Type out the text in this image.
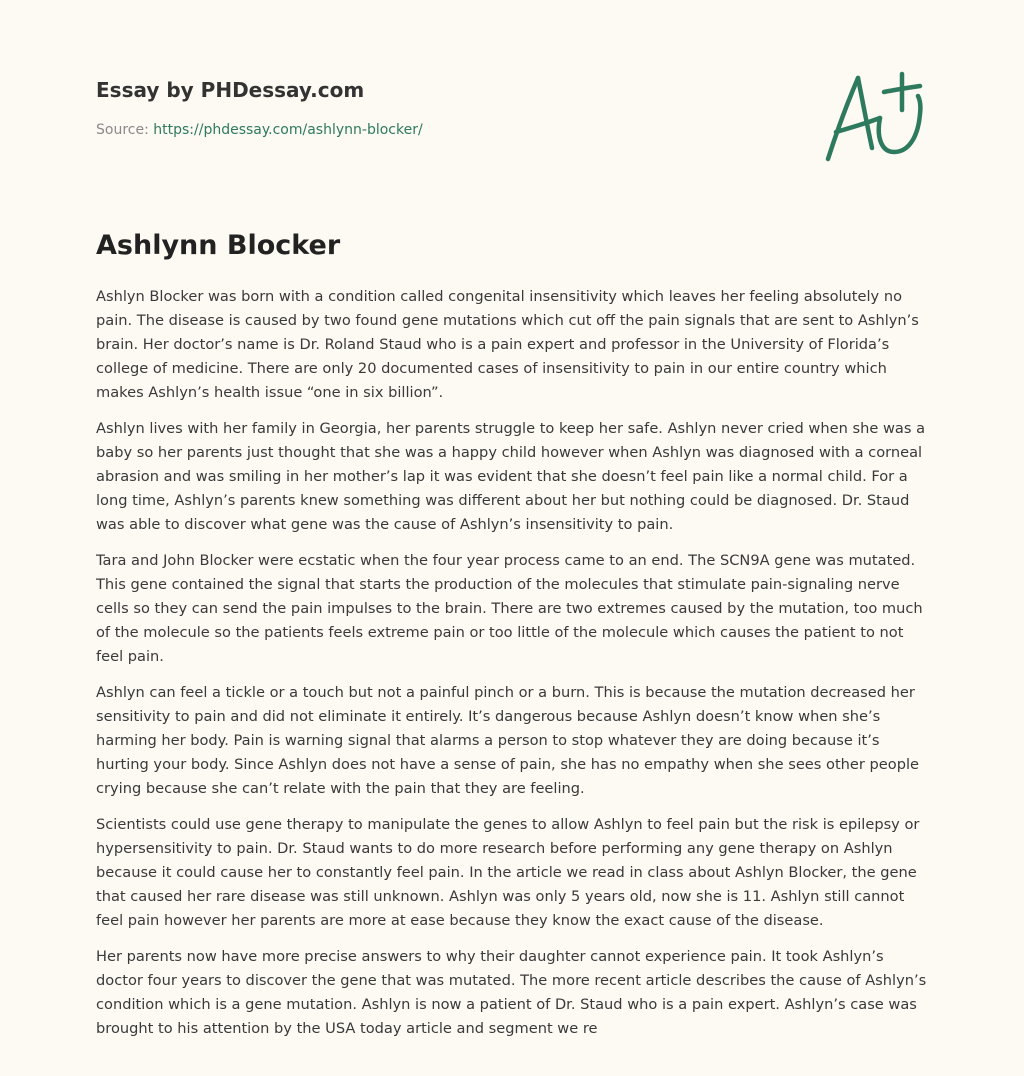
Essay by PHDessay.com
Source: https://phdessay.com/ashlynn-blocker/
Ashlynn Blocker

Ashlyn Blocker was born with a condition called congenital insensitivity which leaves her feeling absolutely no pain. The disease is caused by two found gene mutations which cut off the pain signals that are sent to Ashlyn’s brain. Her doctor’s name is Dr. Roland Staud who is a pain expert and professor in the University of Florida’s college of medicine. There are only 20 documented cases of insensitivity to pain in our entire country which makes Ashlyn’s health issue “one in six billion”.

Ashlyn lives with her family in Georgia, her parents struggle to keep her safe. Ashlyn never cried when she was a baby so her parents just thought that she was a happy child however when Ashlyn was diagnosed with a corneal abrasion and was smiling in her mother’s lap it was evident that she doesn’t feel pain like a normal child. For a long time, Ashlyn’s parents knew something was different about her but nothing could be diagnosed. Dr. Staud was able to discover what gene was the cause of Ashlyn’s insensitivity to pain.

Tara and John Blocker were ecstatic when the four year process came to an end. The SCN9A gene was mutated. This gene contained the signal that starts the production of the molecules that stimulate pain-signaling nerve cells so they can send the pain impulses to the brain. There are two extremes caused by the mutation, too much of the molecule so the patients feels extreme pain or too little of the molecule which causes the patient to not feel pain.

Ashlyn can feel a tickle or a touch but not a painful pinch or a burn. This is because the mutation decreased her sensitivity to pain and did not eliminate it entirely. It’s dangerous because Ashlyn doesn’t know when she’s harming her body. Pain is warning signal that alarms a person to stop whatever they are doing because it’s hurting your body. Since Ashlyn does not have a sense of pain, she has no empathy when she sees other people crying because she can’t relate with the pain that they are feeling.

Scientists could use gene therapy to manipulate the genes to allow Ashlyn to feel pain but the risk is epilepsy or hypersensitivity to pain. Dr. Staud wants to do more research before performing any gene therapy on Ashlyn because it could cause her to constantly feel pain. In the article we read in class about Ashlyn Blocker, the gene that caused her rare disease was still unknown. Ashlyn was only 5 years old, now she is 11. Ashlyn still cannot feel pain however her parents are more at ease because they know the exact cause of the disease.

Her parents now have more precise answers to why their daughter cannot experience pain. It took Ashlyn’s doctor four years to discover the gene that was mutated. The more recent article describes the cause of Ashlyn’s condition which is a gene mutation. Ashlyn is now a patient of Dr. Staud who is a pain expert. Ashlyn’s case was brought to his attention by the USA today article and segment we re
